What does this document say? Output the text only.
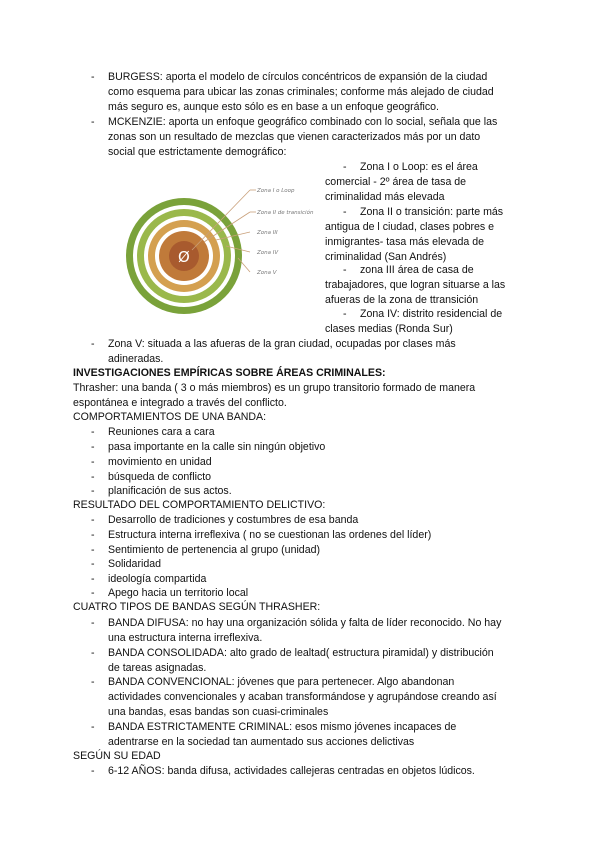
- BURGESS: aporta el modelo de círculos concéntricos de expansión de la ciudad
como esquema para ubicar las zonas criminales; conforme más alejado de ciudad
más seguro es, aunque esto sólo es en base a un enfoque geográfico.
- MCKENZIE: aporta un enfoque geográfico combinado con lo social, señala que las
zonas son un resultado de mezclas que vienen caracterizados más por un dato
social que estrictamente demográfico:
Ø
Zona I o Loop
Zona II de transición
Zona III
Zona IV
Zona V
- Zona I o Loop: es el área
comercial - 2º área de tasa de
criminalidad más elevada
- Zona II o transición: parte más
antigua de l ciudad, clases pobres e
inmigrantes- tasa más elevada de
criminalidad (San Andrés)
- zona III área de casa de
trabajadores, que logran situarse a las
afueras de la zona de ttransición
- Zona IV: distrito residencial de
clases medias (Ronda Sur)
- Zona V: situada a las afueras de la gran ciudad, ocupadas por clases más
adineradas.
INVESTIGACIONES EMPÍRICAS SOBRE ÁREAS CRIMINALES:
Thrasher: una banda ( 3 o más miembros) es un grupo transitorio formado de manera
espontánea e integrado a través del conflicto.
COMPORTAMIENTOS DE UNA BANDA:
- Reuniones cara a cara
- pasa importante en la calle sin ningún objetivo
- movimiento en unidad
- búsqueda de conflicto
- planificación de sus actos.
RESULTADO DEL COMPORTAMIENTO DELICTIVO:
- Desarrollo de tradiciones y costumbres de esa banda
- Estructura interna irreflexiva ( no se cuestionan las ordenes del líder)
- Sentimiento de pertenencia al grupo (unidad)
- Solidaridad
- ideología compartida
- Apego hacia un territorio local
CUATRO TIPOS DE BANDAS SEGÚN THRASHER:
- BANDA DIFUSA: no hay una organización sólida y falta de líder reconocido. No hay
una estructura interna irreflexiva.
- BANDA CONSOLIDADA: alto grado de lealtad( estructura piramidal) y distribución
de tareas asignadas.
- BANDA CONVENCIONAL: jóvenes que para pertenecer. Algo abandonan
actividades convencionales y acaban transformándose y agrupándose creando así
una bandas, esas bandas son cuasi-criminales
- BANDA ESTRICTAMENTE CRIMINAL: esos mismo jóvenes incapaces de
adentrarse en la sociedad tan aumentado sus acciones delictivas
SEGÚN SU EDAD
- 6-12 AÑOS: banda difusa, actividades callejeras centradas en objetos lúdicos.
